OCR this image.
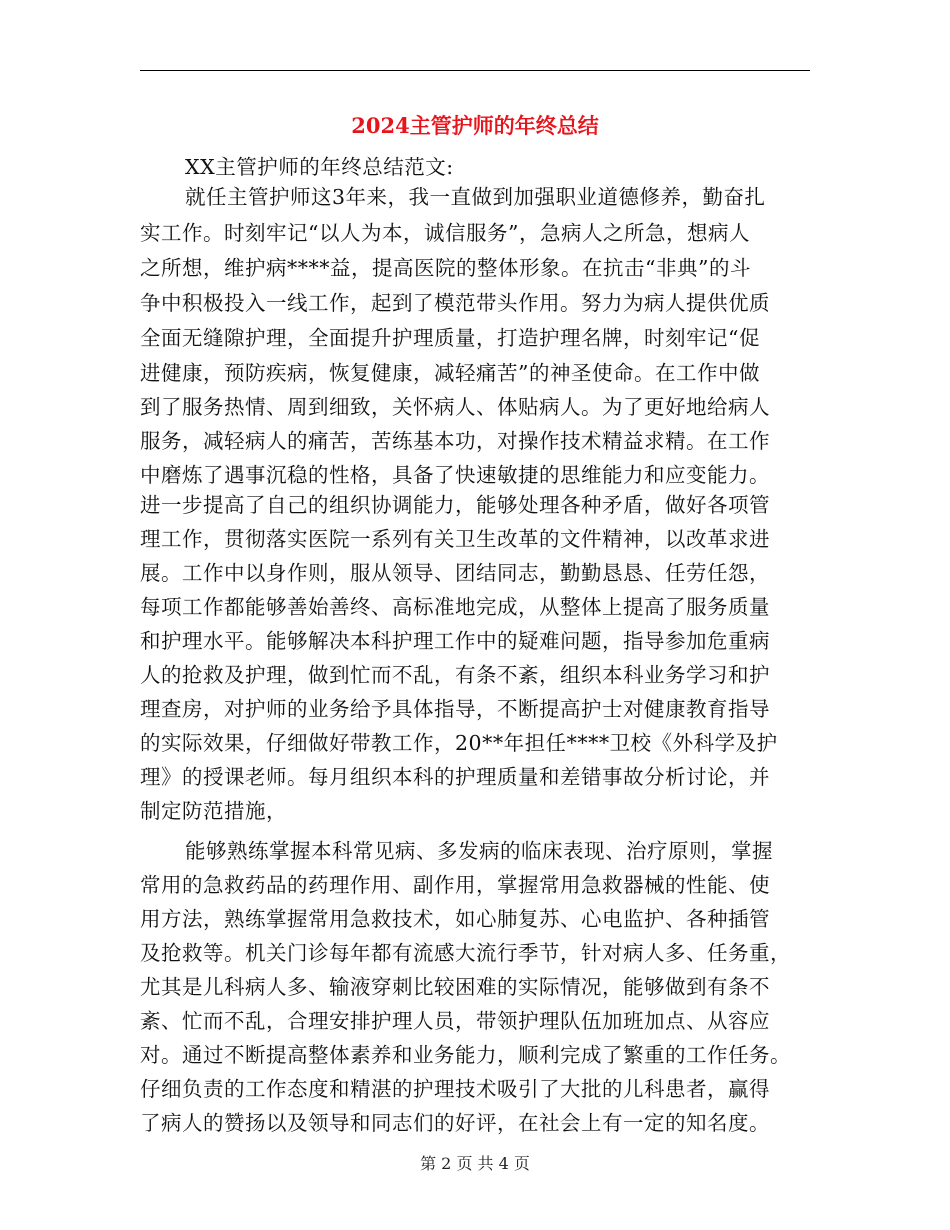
2024主管护师的年终总结
XX主管护师的年终总结范文:
就任主管护师这3年来，我一直做到加强职业道德修养，勤奋扎
实工作。时刻牢记“以人为本，诚信服务”，急病人之所急，想病人
之所想，维护病****益，提高医院的整体形象。在抗击“非典”的斗
争中积极投入一线工作，起到了模范带头作用。努力为病人提供优质
全面无缝隙护理，全面提升护理质量，打造护理名牌，时刻牢记“促
进健康，预防疾病，恢复健康，减轻痛苦”的神圣使命。在工作中做
到了服务热情、周到细致，关怀病人、体贴病人。为了更好地给病人
服务，减轻病人的痛苦，苦练基本功，对操作技术精益求精。在工作
中磨炼了遇事沉稳的性格，具备了快速敏捷的思维能力和应变能力。
进一步提高了自己的组织协调能力，能够处理各种矛盾，做好各项管
理工作，贯彻落实医院一系列有关卫生改革的文件精神，以改革求进
展。工作中以身作则，服从领导、团结同志，勤勤恳恳、任劳任怨，
每项工作都能够善始善终、高标准地完成，从整体上提高了服务质量
和护理水平。能够解决本科护理工作中的疑难问题，指导参加危重病
人的抢救及护理，做到忙而不乱，有条不紊，组织本科业务学习和护
理查房，对护师的业务给予具体指导，不断提高护士对健康教育指导
的实际效果，仔细做好带教工作，20**年担任****卫校《外科学及护
理》的授课老师。每月组织本科的护理质量和差错事故分析讨论，并
制定防范措施，
能够熟练掌握本科常见病、多发病的临床表现、治疗原则，掌握
常用的急救药品的药理作用、副作用，掌握常用急救器械的性能、使
用方法，熟练掌握常用急救技术，如心肺复苏、心电监护、各种插管
及抢救等。机关门诊每年都有流感大流行季节，针对病人多、任务重，
尤其是儿科病人多、输液穿刺比较困难的实际情况，能够做到有条不
紊、忙而不乱，合理安排护理人员，带领护理队伍加班加点、从容应
对。通过不断提高整体素养和业务能力，顺利完成了繁重的工作任务。
仔细负责的工作态度和精湛的护理技术吸引了大批的儿科患者，赢得
了病人的赞扬以及领导和同志们的好评，在社会上有一定的知名度。
第 2 页 共 4 页
